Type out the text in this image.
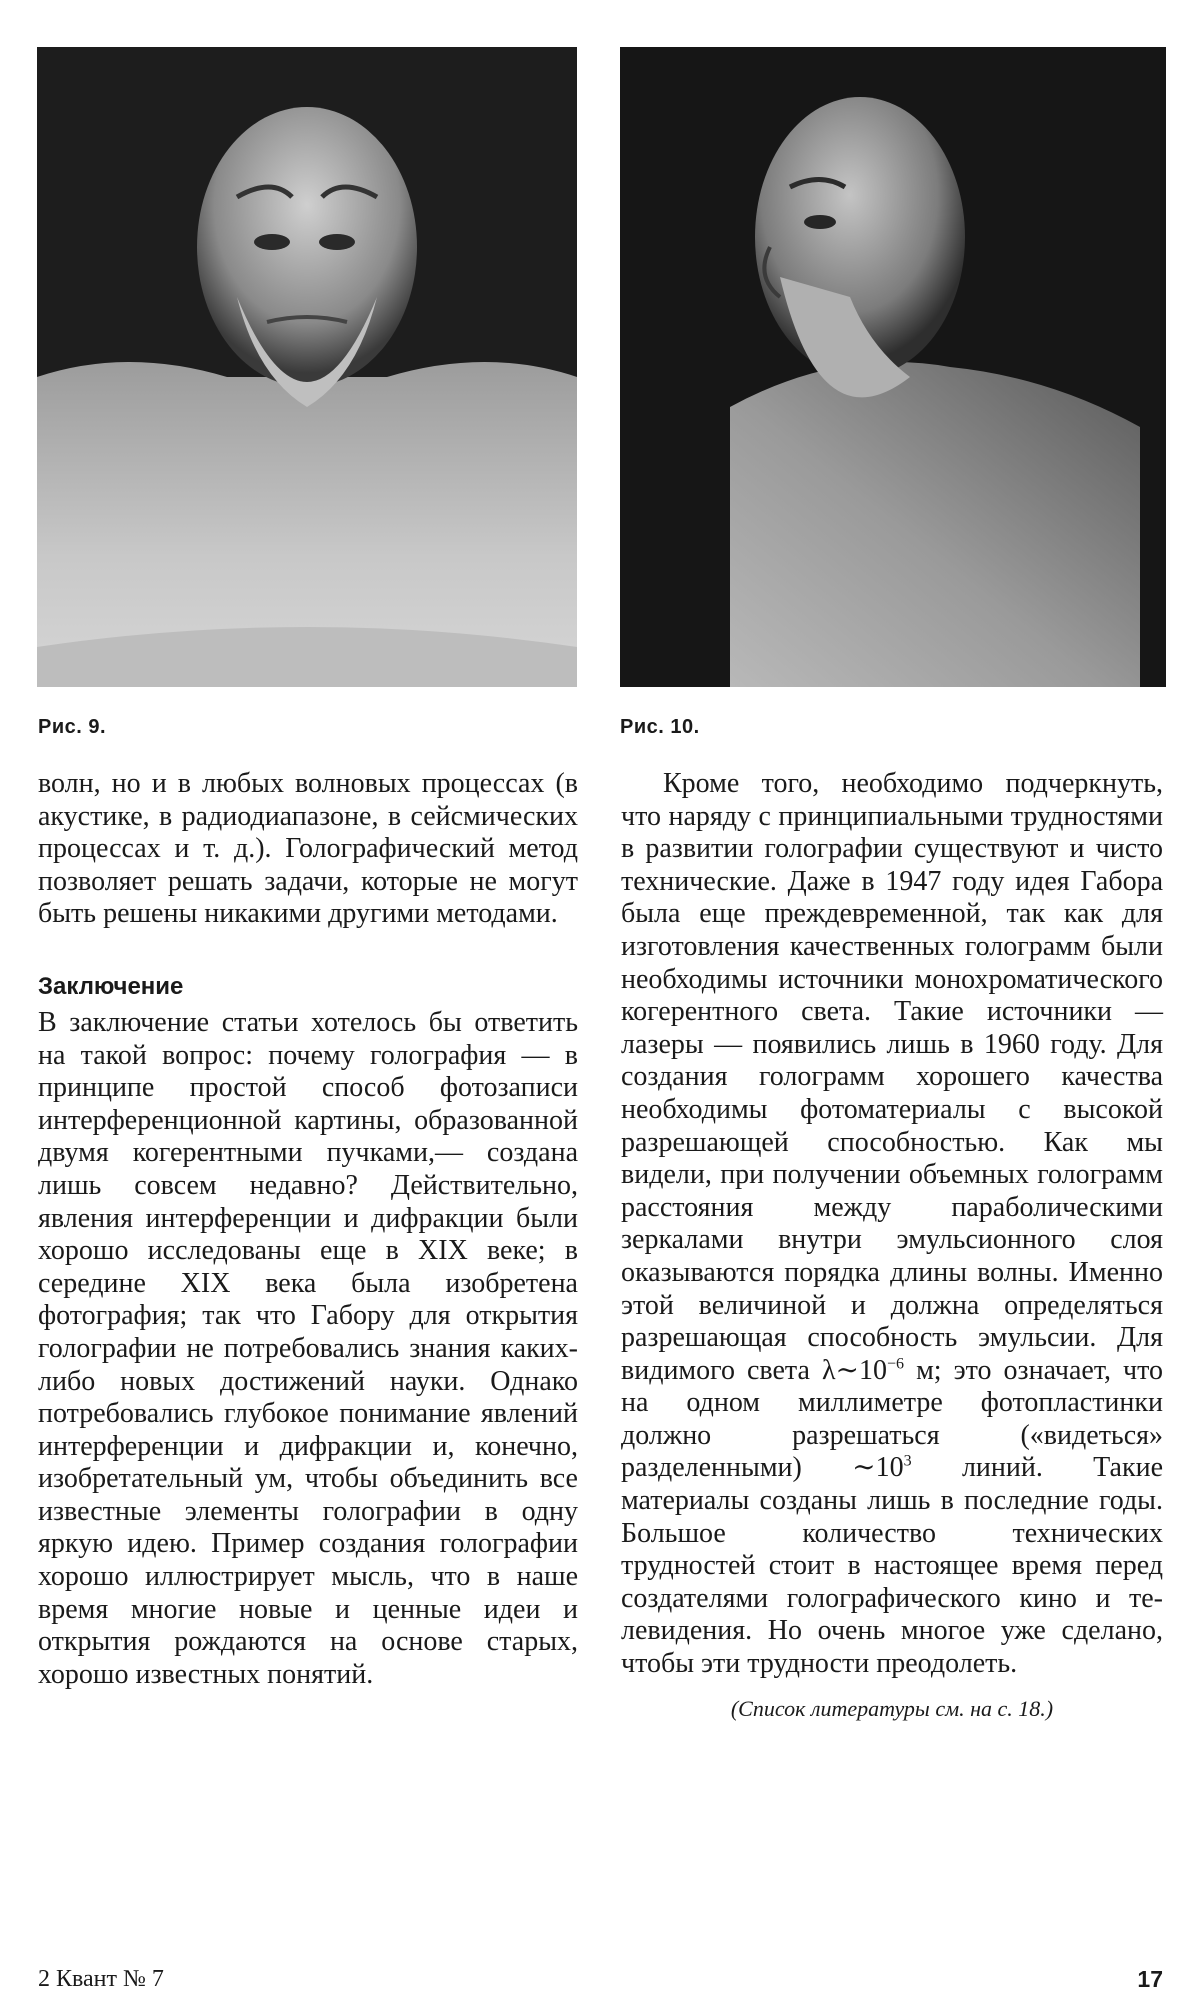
Рис. 9.	Рис. 10.

волн, но и в любых волновых процессах (в акустике, в радиодиапазоне, в сейсмических процессах и т. д.). Голографический метод позволяет решать задачи, которые не могут быть решены никакими другими методами.

Заключение

В заключение статьи хотелось бы ответить на такой вопрос: почему голография — в принципе простой способ фотозаписи интерференционной картины, образованной двумя когерентными пучками,— создана лишь совсем недавно? Действительно, явления интерференции и дифракции были хорошо исследованы еще в XIX веке; в середине XIX века была изобретена фотография; так что Габору для открытия голографии не потребовались знания каких-либо новых достижений науки. Однако потребовались глубокое понимание явлений интерференции и дифракции и, конечно, изобретательный ум, чтобы объединить все известные элементы голографии в одну яркую идею. Пример создания голографии хорошо иллюстрирует мысль, что в наше время многие новые и ценные идеи и открытия рождаются на основе старых, хорошо известных понятий.

Кроме того, необходимо подчеркнуть, что наряду с принципиальными трудностями в развитии голографии существуют и чисто технические. Даже в 1947 году идея Габора была еще преждевременной, так как для изготовления качественных голограмм были необходимы источники монохроматического когерентного света. Такие источники — лазеры — появились лишь в 1960 году. Для создания голограмм хорошего качества необходимы фотоматериалы с высокой разрешающей способностью. Как мы видели, при получении объемных голограмм расстояния между параболическими зеркалами внутри эмульсионного слоя оказываются порядка длины волны. Именно этой величиной и должна определяться разрешающая способность эмульсии. Для видимого света $\lambda\sim 10^{-6}$ м; это означает, что на одном миллиметре фотопластинки должно разрешаться («видеться» разделенными) $\sim 10^3$ линий. Такие материалы созданы лишь в последние годы. Большое количество технических трудностей стоит в настоящее время перед создателями голографического кино и телевидения. Но очень многое уже сделано, чтобы эти трудности преодолеть.

(Список литературы см. на с. 18.)
2 Квант № 7	17
